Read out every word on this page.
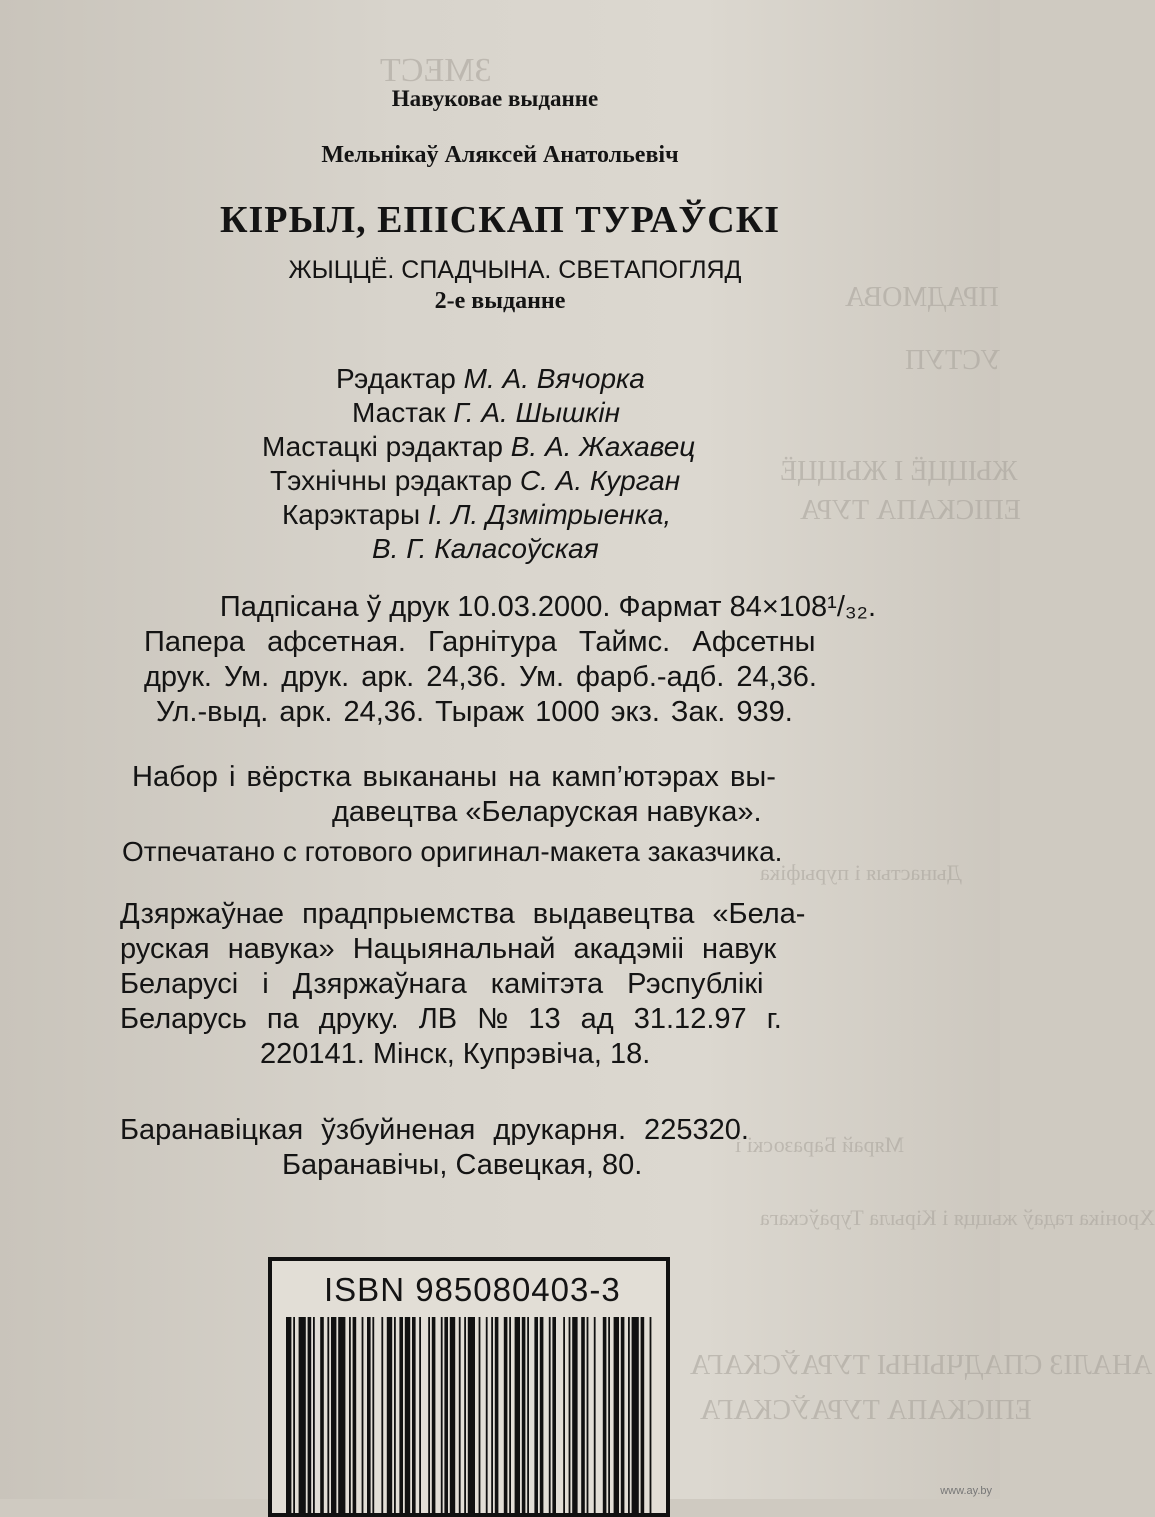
ЗМЕСТ
ПРАДМОВА
УСТУП
ЖЫЦЦЁ І ЖЫЦЦЁ
ЕПІСКАПА ТУРА
Дынастыя і пурыфіка
Мярай Баразоскі і
Хроніка гадаў жыцця і Кірыла Тураўскага
АНАЛІЗ СПАДЧЫНЫ ТУРАЎСКАГА
ЕПІСКАПА ТУРАЎСКАГА
Навуковае выданне
Мельнікаў Аляксей Анатольевіч
КІРЫЛ, ЕПІСКАП ТУРАЎСКІ
ЖЫЦЦЁ. СПАДЧЫНА. СВЕТАПОГЛЯД
2-е выданне
Рэдактар М. А. Вячорка
Мастак Г. А. Шышкін
Мастацкі рэдактар В. А. Жахавец
Тэхнічны рэдактар С. А. Курган
Карэктары І. Л. Дзмітрыенка,
В. Г. Каласоўская
Падпісана ў друк 10.03.2000. Фармат 84×108¹/₃₂.
Папера афсетная. Гарнітура Таймс. Афсетны
друк. Ум. друк. арк. 24,36. Ум. фарб.-адб. 24,36.
Ул.-выд. арк. 24,36. Тыраж 1000 экз. Зак. 939.
Набор і вёрстка выкананы на камп’ютэрах вы-
давецтва «Беларуская навука».
Отпечатано с готового оригинал-макета заказчика.
Дзяржаўнае прадпрыемства выдавецтва «Бела-
руская навука» Нацыянальнай акадэміі навук
Беларусі і Дзяржаўнага камітэта Рэспублікі
Беларусь па друку. ЛВ № 13 ад 31.12.97 г.
220141. Мінск, Купрэвіча, 18.
Баранавіцкая ўзбуйненая друкарня. 225320.
Баранавічы, Савецкая, 80.
ISBN 985080403-3
www.ay.by
